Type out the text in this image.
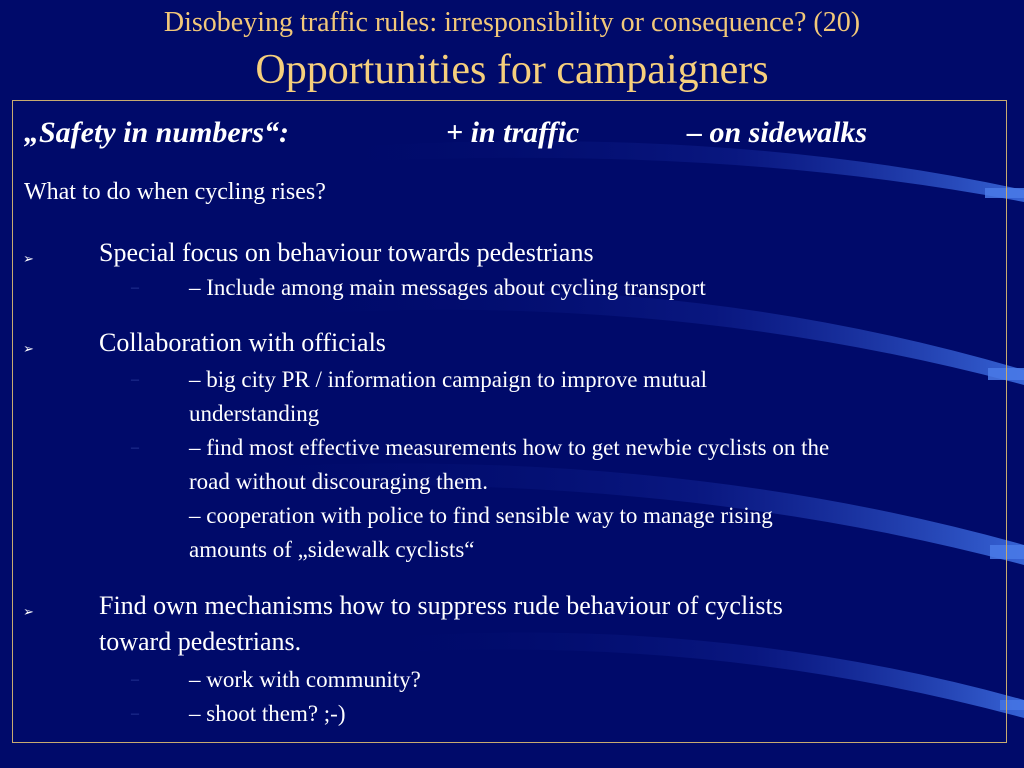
Disobeying traffic rules: irresponsibility or consequence? (20)
Opportunities for campaigners
„Safety in numbers“:	+ in traffic	– on sidewalks
What to do when cycling rises?
➢	Special focus on behaviour towards pedestrians
– – Include among main messages about cycling transport
➢	Collaboration with officials
– – big city PR / information campaign to improve mutual
understanding
– – find most effective measurements how to get newbie cyclists on the
road without discouraging them.
– cooperation with police to find sensible way to manage rising
amounts of „sidewalk cyclists“
➢	Find own mechanisms how to suppress rude behaviour of cyclists
toward pedestrians.
– – work with community?
– – shoot them? ;-)
